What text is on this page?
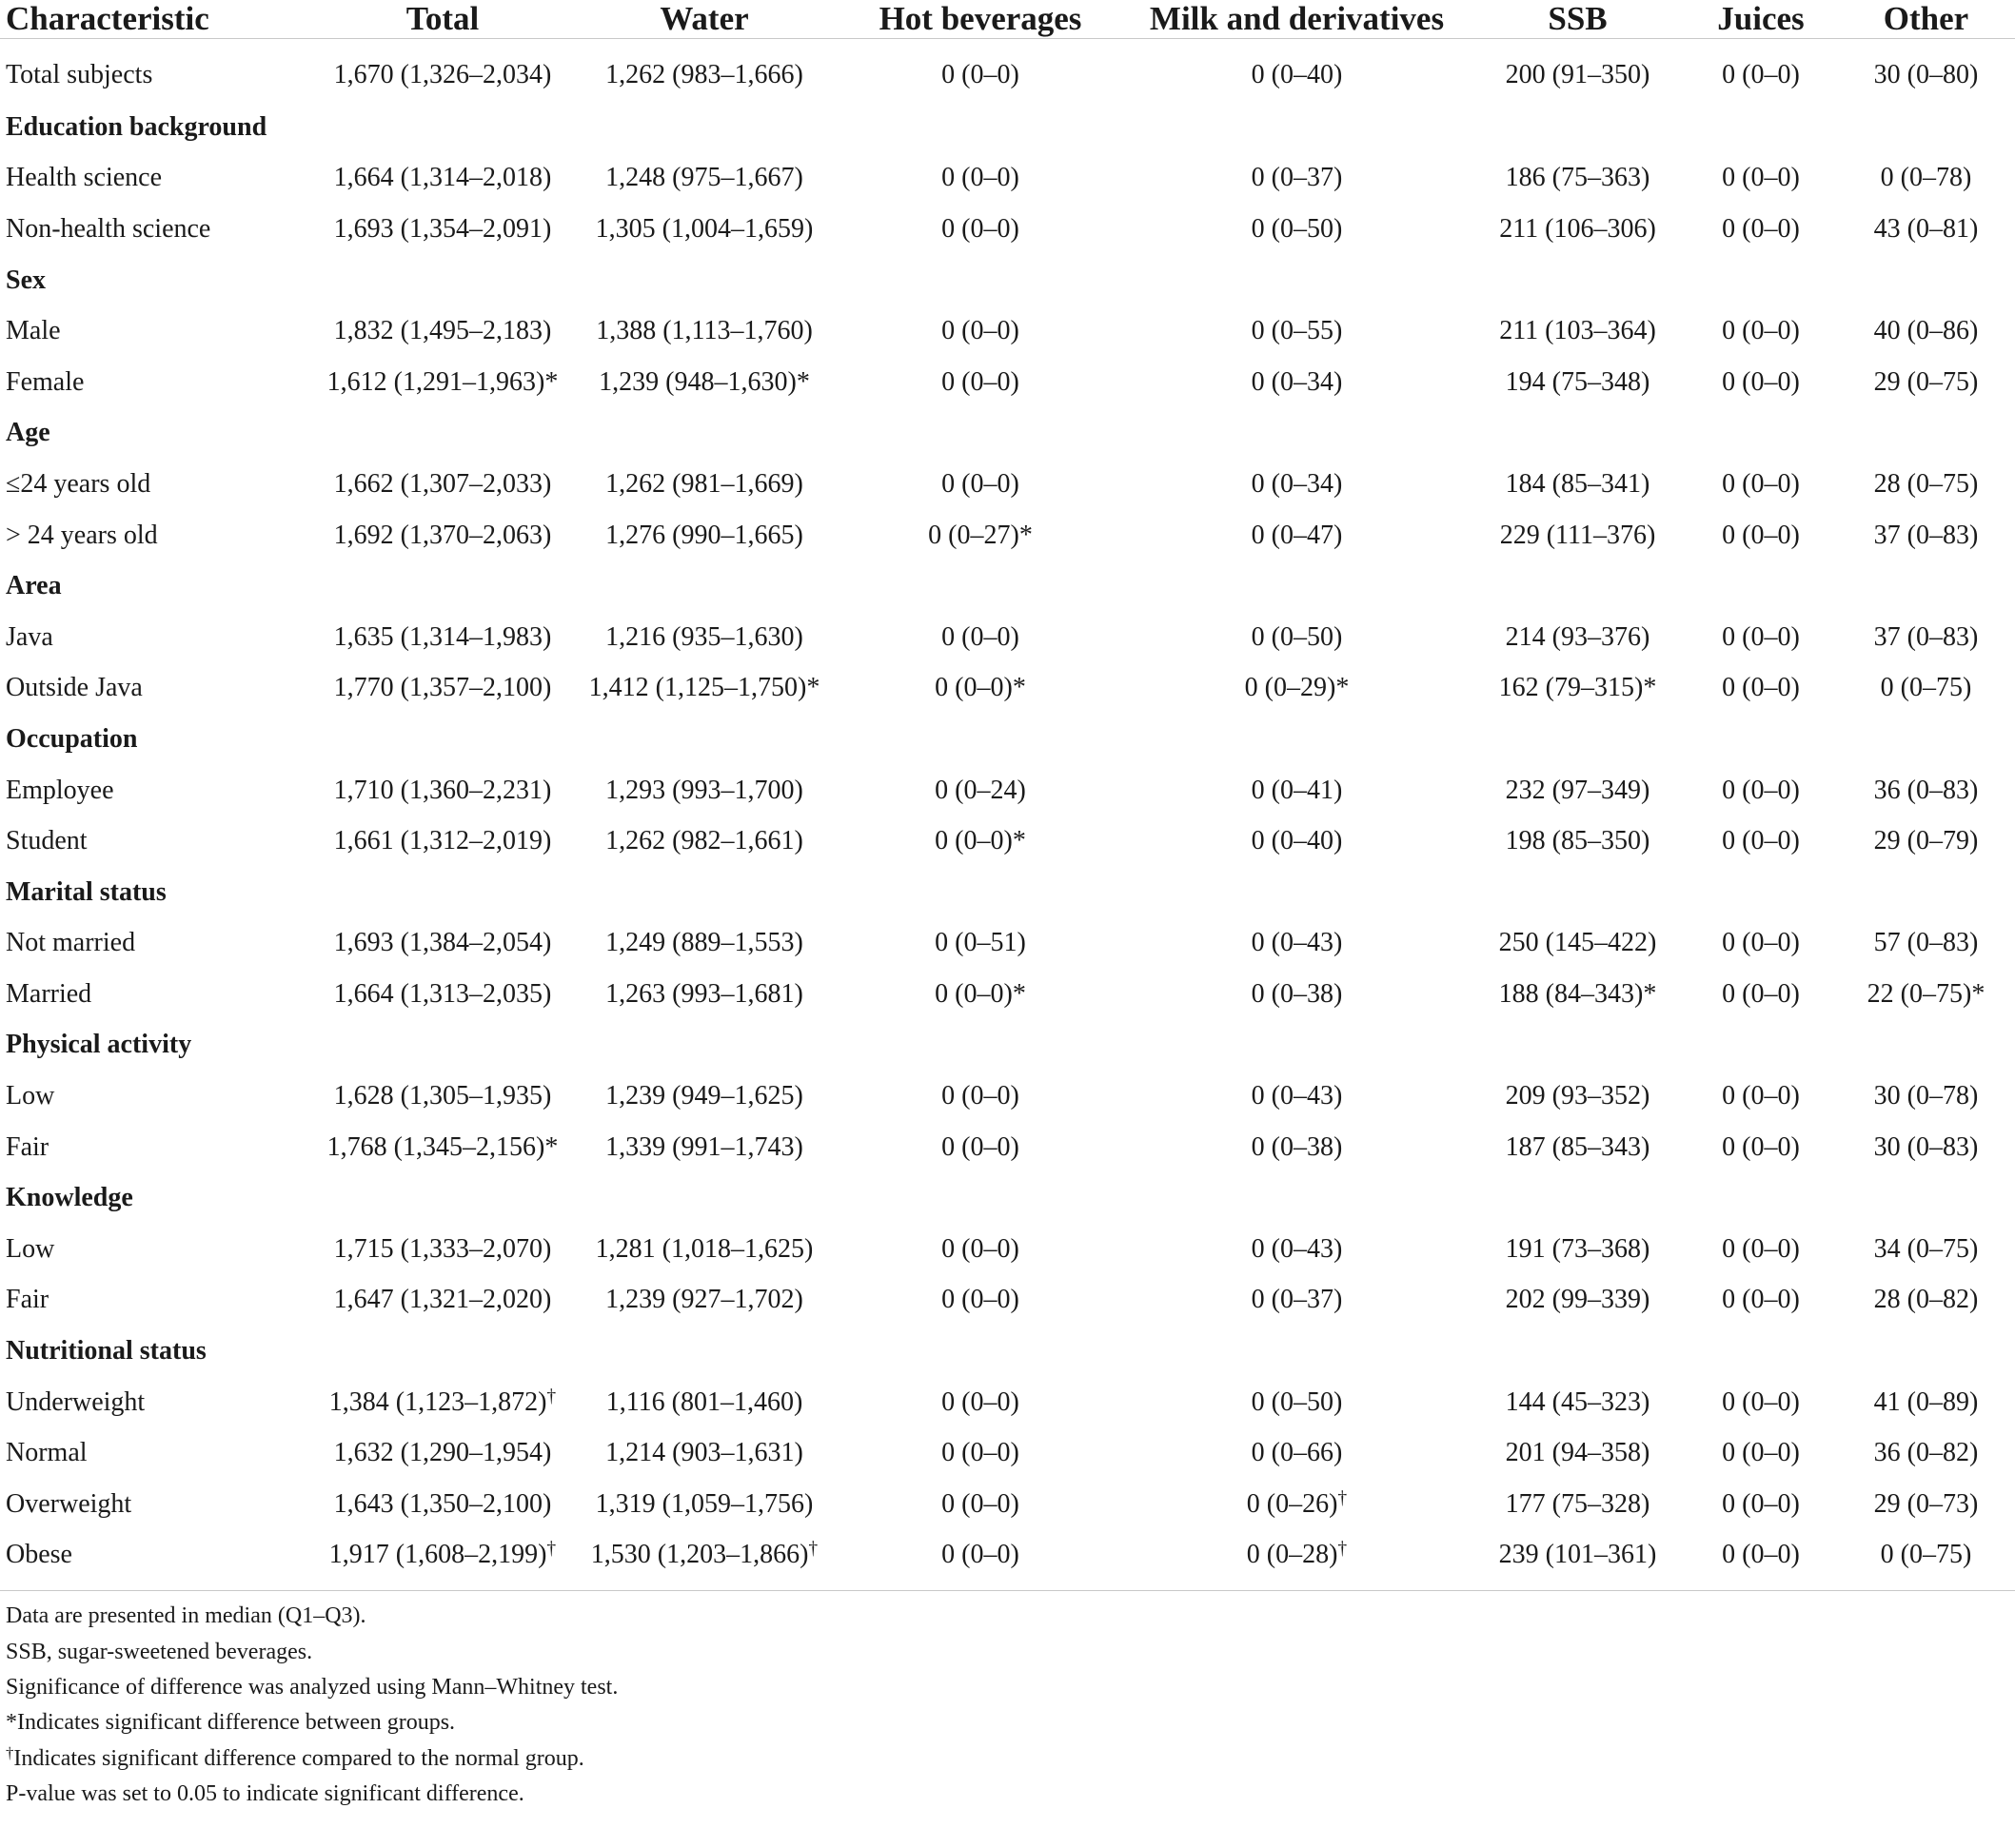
Characteristic	Total	Water	Hot beverages	Milk and derivatives	SSB	Juices	Other
Total subjects	1,670 (1,326–2,034)	1,262 (983–1,666)	0 (0–0)	0 (0–40)	200 (91–350)	0 (0–0)	30 (0–80)
Education background							
Health science	1,664 (1,314–2,018)	1,248 (975–1,667)	0 (0–0)	0 (0–37)	186 (75–363)	0 (0–0)	0 (0–78)
Non-health science	1,693 (1,354–2,091)	1,305 (1,004–1,659)	0 (0–0)	0 (0–50)	211 (106–306)	0 (0–0)	43 (0–81)
Sex							
Male	1,832 (1,495–2,183)	1,388 (1,113–1,760)	0 (0–0)	0 (0–55)	211 (103–364)	0 (0–0)	40 (0–86)
Female	1,612 (1,291–1,963)*	1,239 (948–1,630)*	0 (0–0)	0 (0–34)	194 (75–348)	0 (0–0)	29 (0–75)
Age							
≤24 years old	1,662 (1,307–2,033)	1,262 (981–1,669)	0 (0–0)	0 (0–34)	184 (85–341)	0 (0–0)	28 (0–75)
> 24 years old	1,692 (1,370–2,063)	1,276 (990–1,665)	0 (0–27)*	0 (0–47)	229 (111–376)	0 (0–0)	37 (0–83)
Area							
Java	1,635 (1,314–1,983)	1,216 (935–1,630)	0 (0–0)	0 (0–50)	214 (93–376)	0 (0–0)	37 (0–83)
Outside Java	1,770 (1,357–2,100)	1,412 (1,125–1,750)*	0 (0–0)*	0 (0–29)*	162 (79–315)*	0 (0–0)	0 (0–75)
Occupation							
Employee	1,710 (1,360–2,231)	1,293 (993–1,700)	0 (0–24)	0 (0–41)	232 (97–349)	0 (0–0)	36 (0–83)
Student	1,661 (1,312–2,019)	1,262 (982–1,661)	0 (0–0)*	0 (0–40)	198 (85–350)	0 (0–0)	29 (0–79)
Marital status							
Not married	1,693 (1,384–2,054)	1,249 (889–1,553)	0 (0–51)	0 (0–43)	250 (145–422)	0 (0–0)	57 (0–83)
Married	1,664 (1,313–2,035)	1,263 (993–1,681)	0 (0–0)*	0 (0–38)	188 (84–343)*	0 (0–0)	22 (0–75)*
Physical activity							
Low	1,628 (1,305–1,935)	1,239 (949–1,625)	0 (0–0)	0 (0–43)	209 (93–352)	0 (0–0)	30 (0–78)
Fair	1,768 (1,345–2,156)*	1,339 (991–1,743)	0 (0–0)	0 (0–38)	187 (85–343)	0 (0–0)	30 (0–83)
Knowledge							
Low	1,715 (1,333–2,070)	1,281 (1,018–1,625)	0 (0–0)	0 (0–43)	191 (73–368)	0 (0–0)	34 (0–75)
Fair	1,647 (1,321–2,020)	1,239 (927–1,702)	0 (0–0)	0 (0–37)	202 (99–339)	0 (0–0)	28 (0–82)
Nutritional status							
Underweight	1,384 (1,123–1,872)†	1,116 (801–1,460)	0 (0–0)	0 (0–50)	144 (45–323)	0 (0–0)	41 (0–89)
Normal	1,632 (1,290–1,954)	1,214 (903–1,631)	0 (0–0)	0 (0–66)	201 (94–358)	0 (0–0)	36 (0–82)
Overweight	1,643 (1,350–2,100)	1,319 (1,059–1,756)	0 (0–0)	0 (0–26)†	177 (75–328)	0 (0–0)	29 (0–73)
Obese	1,917 (1,608–2,199)†	1,530 (1,203–1,866)†	0 (0–0)	0 (0–28)†	239 (101–361)	0 (0–0)	0 (0–75)
Data are presented in median (Q1–Q3).
SSB, sugar-sweetened beverages.
Significance of difference was analyzed using Mann–Whitney test.
*Indicates significant difference between groups.
†Indicates significant difference compared to the normal group.
P-value was set to 0.05 to indicate significant difference.
